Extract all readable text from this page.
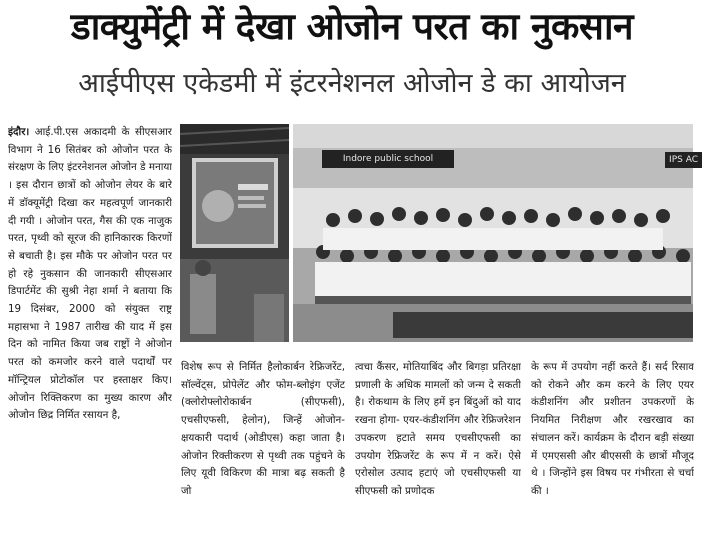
डाक्युमेंट्री में देखा ओजोन परत का नुकसान
आईपीएस एकेडमी में इंटरनेशनल ओजोन डे का आयोजन

इंदौर। आई.पी.एस अकादमी के सीएसआर विभाग ने 16 सितंबर को ओजोन परत के संरक्षण के लिए इंटरनेशनल ओजोन डे मनाया । इस दौरान छात्रों को ओजोन लेयर के बारे में डॉक्यूमेंट्री दिखा कर महत्वपूर्ण जानकारी दी गयी । ओजोन परत, गैस की एक नाजुक परत, पृथ्वी को सूरज की हानिकारक किरणों से बचाती है। इस मौके पर ओजोन परत पर हो रहे नुकसान की जानकारी सीएसआर डिपार्टमेंट की सुश्री नेहा शर्मा ने बताया कि 19 दिसंबर, 2000 को संयुक्त राष्ट्र महासभा ने 1987 तारीख की याद में इस दिन को नामित किया जब राष्ट्रों ने ओजोन परत को कमजोर करने वाले पदार्थों पर मॉन्ट्रियल प्रोटोकॉल पर हस्ताक्षर किए। ओजोन रिक्तिकरण का मुख्य कारण और ओजोन छिद्र निर्मित रसायन है,

Indore public school	IPS AC

विशेष रूप से निर्मित हैलोकार्बन रेफ्रिजरेंट, सॉल्वेंट्स, प्रोपेलेंट और फोम-ब्लोइंग एजेंट (क्लोरोफ्लोरोकार्बन (सीएफसी), एचसीएफसी, हेलोन), जिन्हें ओजोन-क्षयकारी पदार्थ (ओडीएस) कहा जाता है। ओजोन रिक्तीकरण से पृथ्वी तक पहुंचने के लिए यूवी विकिरण की मात्रा बढ़ सकती है जो

त्वचा कैंसर, मोतियाबिंद और बिगड़ा प्रतिरक्षा प्रणाली के अधिक मामलों को जन्म दे सकती है। रोकथाम के लिए हमें इन बिंदुओं को याद रखना होगा- एयर-कंडीशनिंग और रेफ्रिजरेशन उपकरण हटाते समय एचसीएफसी का उपयोग रेफ्रिजरेंट के रूप में न करें। ऐसे एरोसोल उत्पाद हटाएं जो एचसीएफसी या सीएफसी को प्रणोदक

के रूप में उपयोग नहीं करते हैं। सर्द रिसाव को रोकने और कम करने के लिए एयर कंडीशनिंग और प्रशीतन उपकरणों के नियमित निरीक्षण और रखरखाव का संचालन करें। कार्यक्रम के दौरान बड़ी संख्या में एमएससी और बीएससी के छात्रों मौजूद थे । जिन्होंने इस विषय पर गंभीरता से चर्चा की ।
